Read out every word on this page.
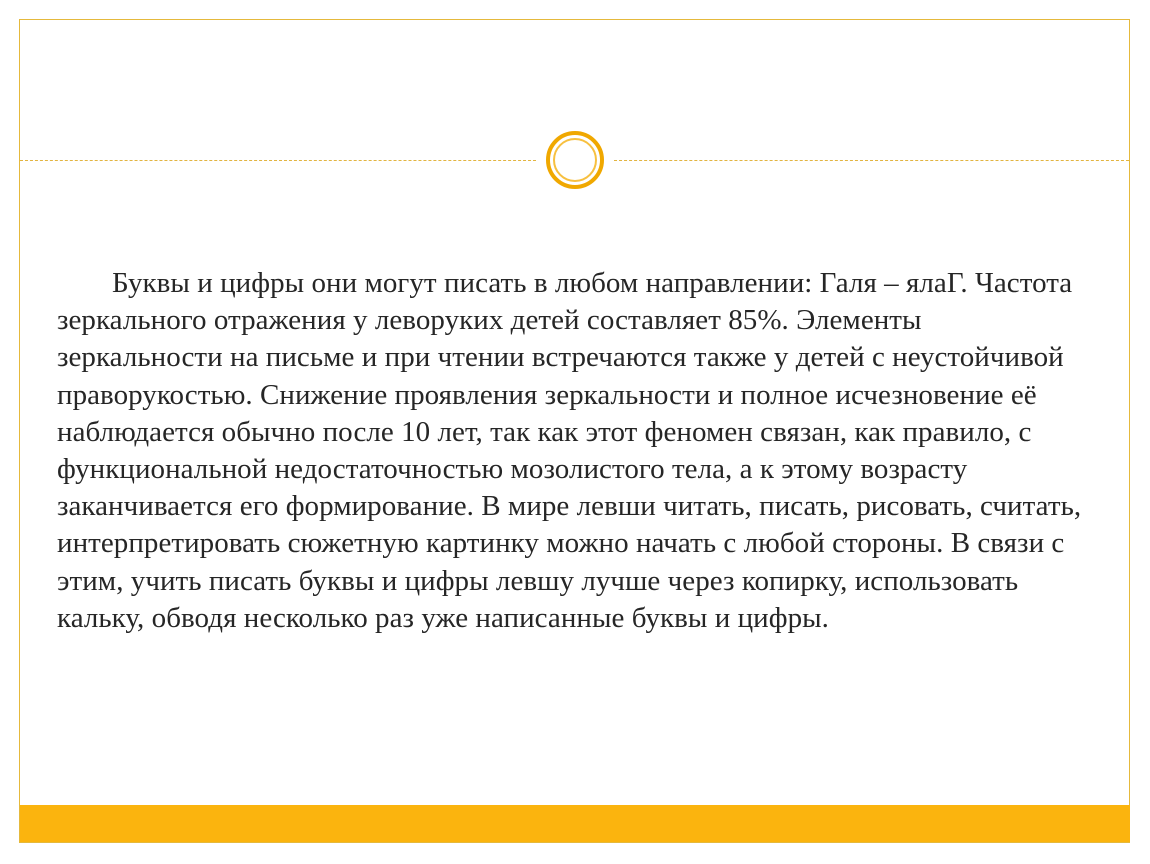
Буквы и цифры они могут писать в любом направлении: Галя – ялаГ. Частота зеркального отражения у леворуких детей составляет 85%. Элементы зеркальности на письме и при чтении встречаются также у детей с неустойчивой праворукостью. Снижение проявления зеркальности и полное исчезновение её наблюдается обычно после 10 лет, так как этот феномен связан, как правило, с функциональной недостаточностью мозолистого тела, а к этому возрасту заканчивается его формирование. В мире левши читать, писать, рисовать, считать, интерпретировать сюжетную картинку можно начать с любой стороны. В связи с этим, учить писать буквы и цифры левшу лучше через копирку, использовать кальку, обводя несколько раз уже написанные буквы и цифры.
